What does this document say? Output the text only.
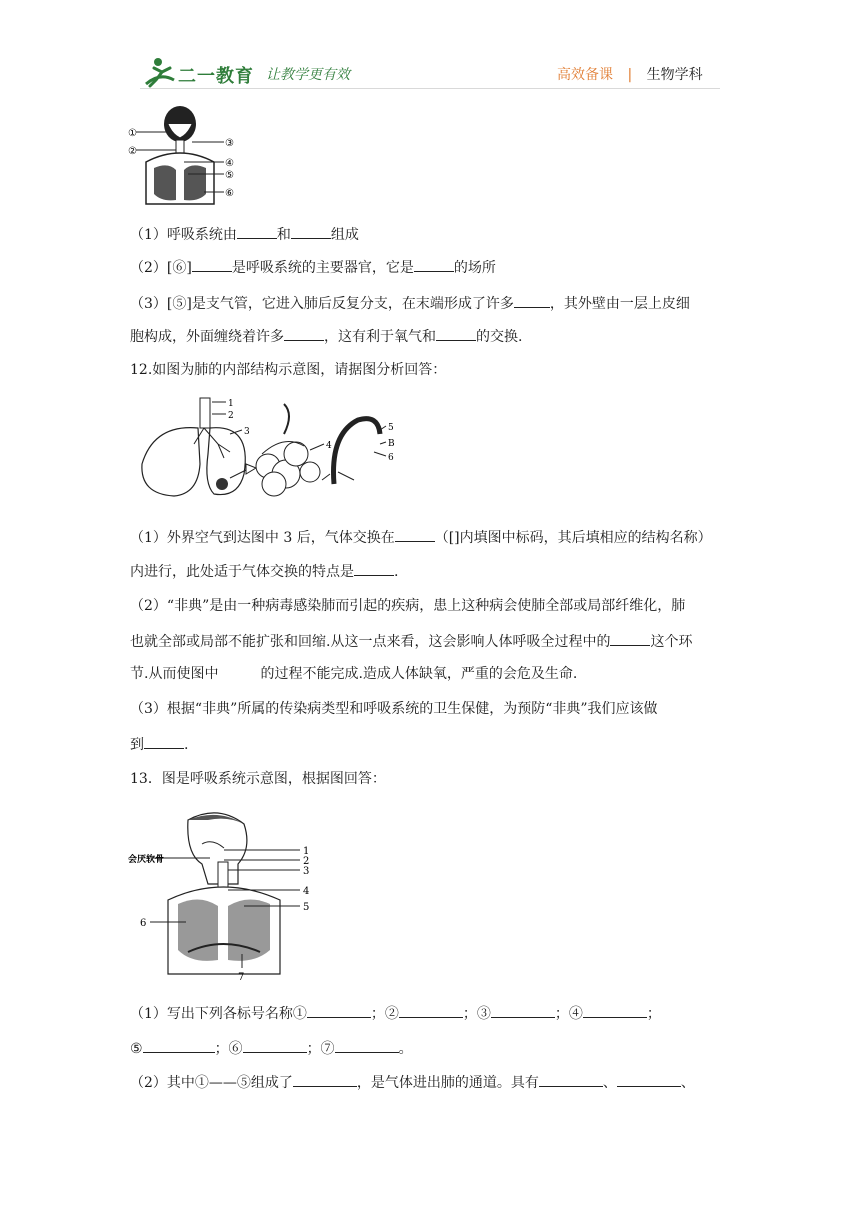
二一教育 让教学更有效	高效备课 | 生物学科
①
②
③
④
⑤
⑥
（1）呼吸系统由	和	组成
（2）[⑥]	是呼吸系统的主要器官，它是	的场所
（3）[⑤]是支气管，它进入肺后反复分支，在末端形成了许多	，其外壁由一层上皮细
胞构成，外面缠绕着许多	，这有利于氧气和	的交换.
12.如图为肺的内部结构示意图，请据图分析回答：
1
2
3
4
5
B
6
（1）外界空气到达图中 3 后，气体交换在	（[]内填图中标码，其后填相应的结构名称）
内进行，此处适于气体交换的特点是	.
（2）“非典”是由一种病毒感染肺而引起的疾病，患上这种病会使肺全部或局部纤维化，肺
也就全部或局部不能扩张和回缩.从这一点来看，这会影响人体呼吸全过程中的	这个环
节.从而使图中	的过程不能完成.造成人体缺氧，严重的会危及生命.
（3）根据“非典”所属的传染病类型和呼吸系统的卫生保健，为预防“非典”我们应该做
到	.
13．图是呼吸系统示意图，根据图回答：
会厌软骨
1
2
3
4
5
6
7
（1）写出下列各标号名称①	；②	；③	；④	；
⑤	；⑥	；⑦	。
（2）其中①——⑤组成了	，是气体进出肺的通道。具有	、	、
